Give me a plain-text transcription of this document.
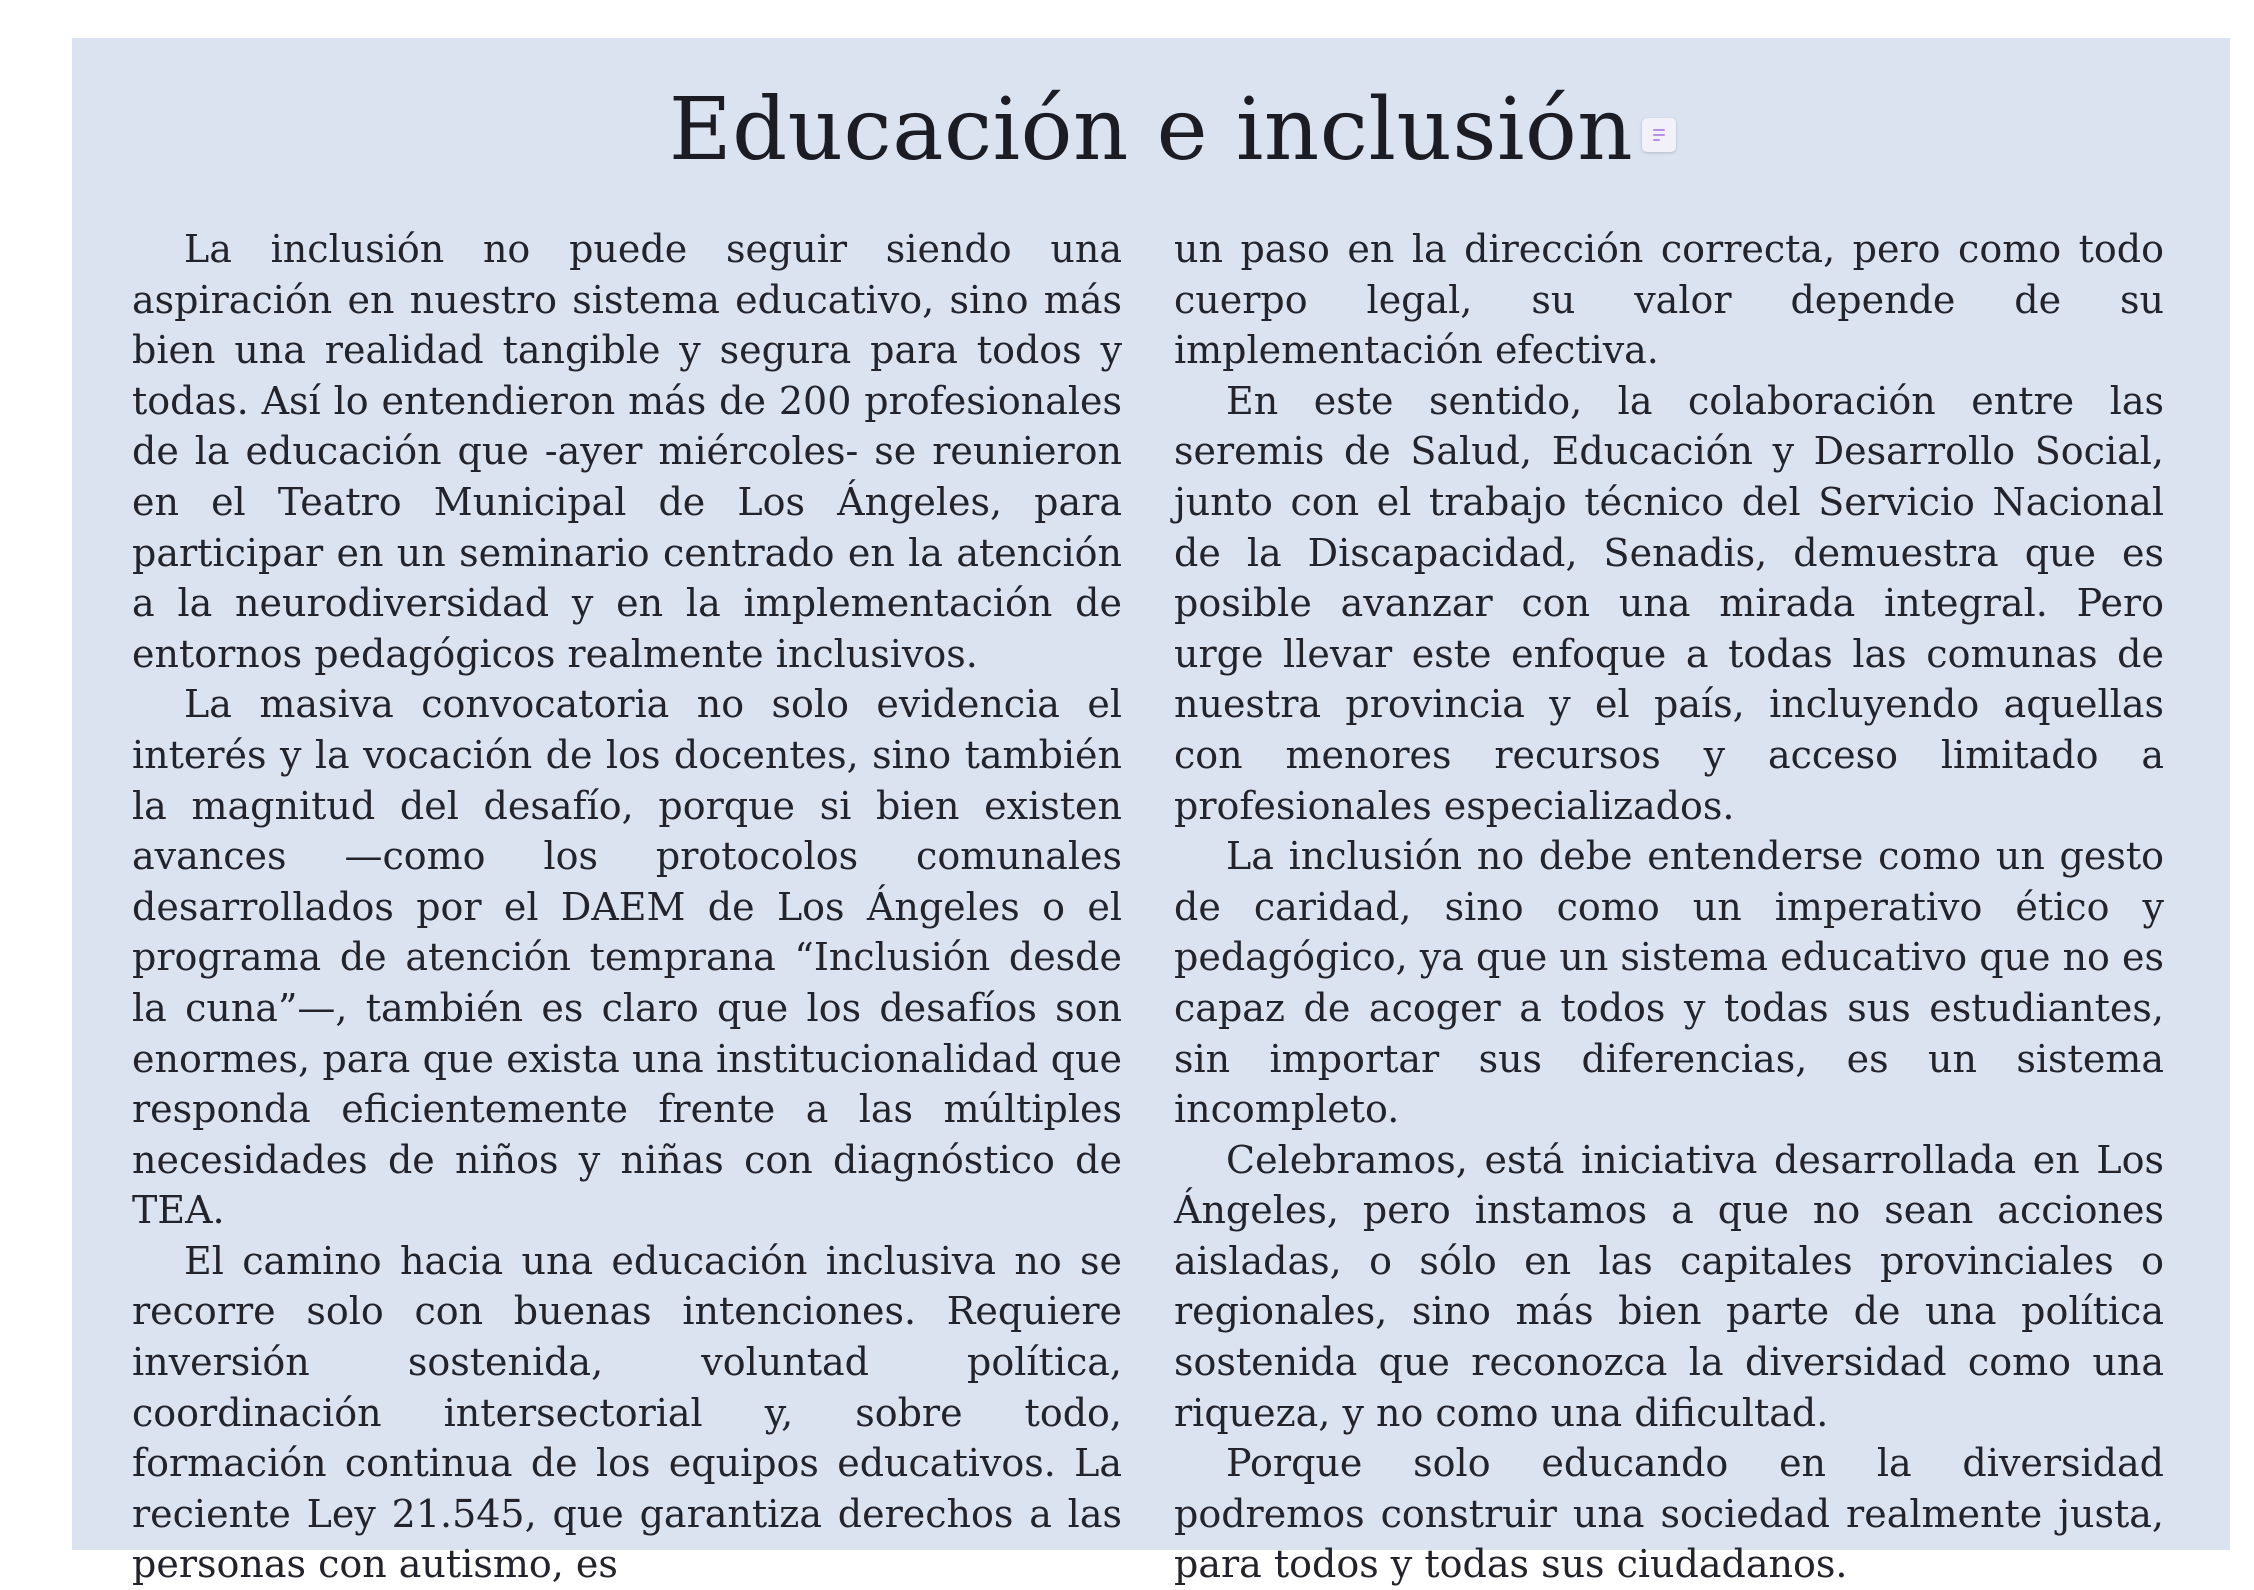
Educación e inclusión

La inclusión no puede seguir siendo una aspiración en nuestro sistema educativo, sino más bien una realidad tangible y segura para todos y todas. Así lo entendieron más de 200 profesionales de la educación que -ayer miércoles- se reunieron en el Teatro Municipal de Los Ángeles, para participar en un seminario centrado en la atención a la neurodiversidad y en la implementación de entornos pedagógicos realmente inclusivos.

La masiva convocatoria no solo evidencia el interés y la vocación de los docentes, sino también la magnitud del desafío, porque si bien existen avances —como los protocolos comunales desarrollados por el DAEM de Los Ángeles o el programa de atención temprana “Inclusión desde la cuna”—, también es claro que los desafíos son enormes, para que exista una institucionalidad que responda eficientemente frente a las múltiples necesidades de niños y niñas con diagnóstico de TEA.

El camino hacia una educación inclusiva no se recorre solo con buenas intenciones. Requiere inversión sostenida, voluntad política, coordinación intersectorial y, sobre todo, formación continua de los equipos educativos. La reciente Ley 21.545, que garantiza derechos a las personas con autismo, es

un paso en la dirección correcta, pero como todo cuerpo legal, su valor depende de su implementación efectiva.

En este sentido, la colaboración entre las seremis de Salud, Educación y Desarrollo Social, junto con el trabajo técnico del Servicio Nacional de la Discapacidad, Senadis, demuestra que es posible avanzar con una mirada integral. Pero urge llevar este enfoque a todas las comunas de nuestra provincia y el país, incluyendo aquellas con menores recursos y acceso limitado a profesionales especializados.

La inclusión no debe entenderse como un gesto de caridad, sino como un imperativo ético y pedagógico, ya que un sistema educativo que no es capaz de acoger a todos y todas sus estudiantes, sin importar sus diferencias, es un sistema incompleto.

Celebramos, está iniciativa desarrollada en Los Ángeles, pero instamos a que no sean acciones aisladas, o sólo en las capitales provinciales o regionales, sino más bien parte de una política sostenida que reconozca la diversidad como una riqueza, y no como una dificultad.

Porque solo educando en la diversidad podremos construir una sociedad realmente justa, para todos y todas sus ciudadanos.
